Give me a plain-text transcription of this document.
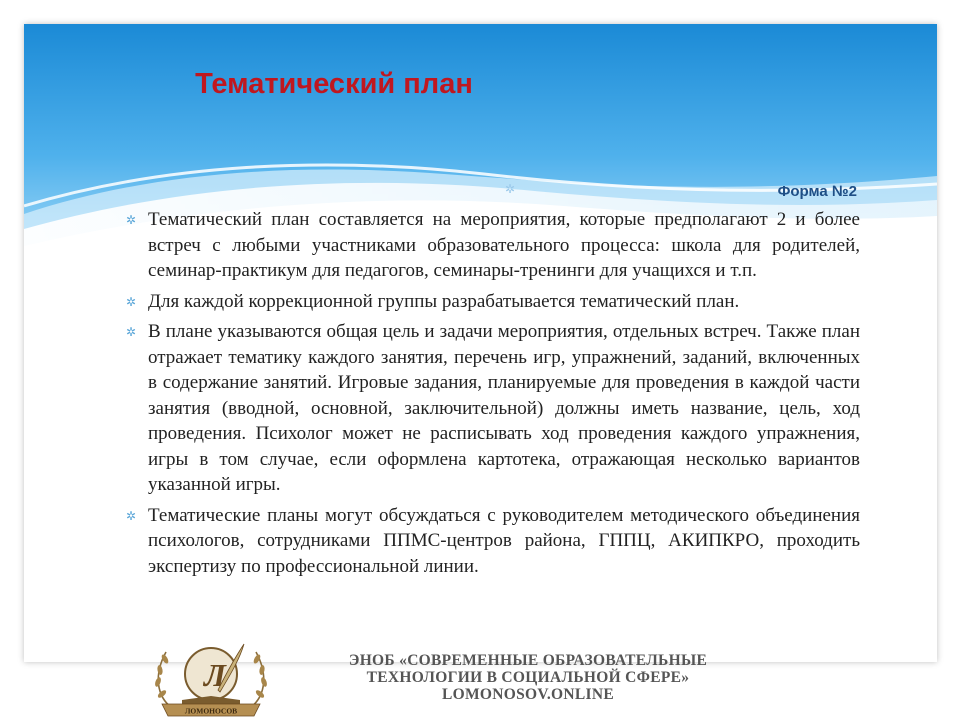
Тематический план
✲	Форма №2

✲ Тематический план составляется на мероприятия, которые предполагают 2 и более встреч с любыми участниками образовательного процесса: школа для родителей, семинар-практикум для педагогов, семинары-тренинги для учащихся и т.п.

✲ Для каждой коррекционной группы разрабатывается тематический план.

✲ В плане указываются общая цель и задачи мероприятия, отдельных встреч. Также план отражает тематику каждого занятия, перечень игр, упражнений, заданий, включенных в содержание занятий. Игровые задания, планируемые для проведения в каждой части занятия (вводной, основной, заключительной) должны иметь название, цель, ход проведения. Психолог может не расписывать ход проведения каждого упражнения, игры в том случае, если оформлена картотека, отражающая несколько вариантов указанной игры.

✲ Тематические планы могут обсуждаться с руководителем методического объединения психологов, сотрудниками ППМС-центров района, ГППЦ, АКИПКРО, проходить экспертизу по профессиональной линии.

Л
ЛОМОНОСОВ
ЭНОБ «СОВРЕМЕННЫЕ ОБРАЗОВАТЕЛЬНЫЕ
ТЕХНОЛОГИИ В СОЦИАЛЬНОЙ СФЕРЕ»
LOMONOSOV.ONLINE
